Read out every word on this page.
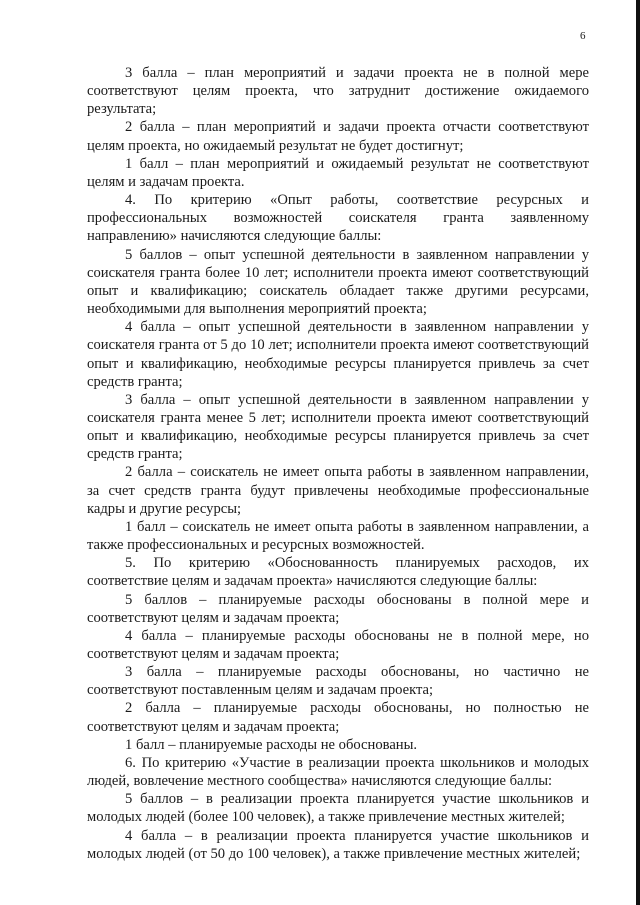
6

3 балла – план мероприятий и задачи проекта не в полной мере соответствуют целям проекта, что затруднит достижение ожидаемого результата;

2 балла – план мероприятий и задачи проекта отчасти соответствуют целям проекта, но ожидаемый результат не будет достигнут;

1 балл – план мероприятий и ожидаемый результат не соответствуют целям и задачам проекта.

4. По критерию «Опыт работы, соответствие ресурсных и профессиональных возможностей соискателя гранта заявленному направлению» начисляются следующие баллы:

5 баллов – опыт успешной деятельности в заявленном направлении у соискателя гранта более 10 лет; исполнители проекта имеют соответствующий опыт и квалификацию; соискатель обладает также другими ресурсами, необходимыми для выполнения мероприятий проекта;

4 балла – опыт успешной деятельности в заявленном направлении у соискателя гранта от 5 до 10 лет; исполнители проекта имеют соответствующий опыт и квалификацию, необходимые ресурсы планируется привлечь за счет средств гранта;

3 балла – опыт успешной деятельности в заявленном направлении у соискателя гранта менее 5 лет; исполнители проекта имеют соответствующий опыт и квалификацию, необходимые ресурсы планируется привлечь за счет средств гранта;

2 балла – соискатель не имеет опыта работы в заявленном направлении, за счет средств гранта будут привлечены необходимые профессиональные кадры и другие ресурсы;

1 балл – соискатель не имеет опыта работы в заявленном направлении, а также профессиональных и ресурсных возможностей.

5. По критерию «Обоснованность планируемых расходов, их соответствие целям и задачам проекта» начисляются следующие баллы:

5 баллов – планируемые расходы обоснованы в полной мере и соответствуют целям и задачам проекта;

4 балла – планируемые расходы обоснованы не в полной мере, но соответствуют целям и задачам проекта;

3 балла – планируемые расходы обоснованы, но частично не соответствуют поставленным целям и задачам проекта;

2 балла – планируемые расходы обоснованы, но полностью не соответствуют целям и задачам проекта;

1 балл – планируемые расходы не обоснованы.

6. По критерию «Участие в реализации проекта школьников и молодых людей, вовлечение местного сообщества» начисляются следующие баллы:

5 баллов – в реализации проекта планируется участие школьников и молодых людей (более 100 человек), а также привлечение местных жителей;

4 балла – в реализации проекта планируется участие школьников и молодых людей (от 50 до 100 человек), а также привлечение местных жителей;
